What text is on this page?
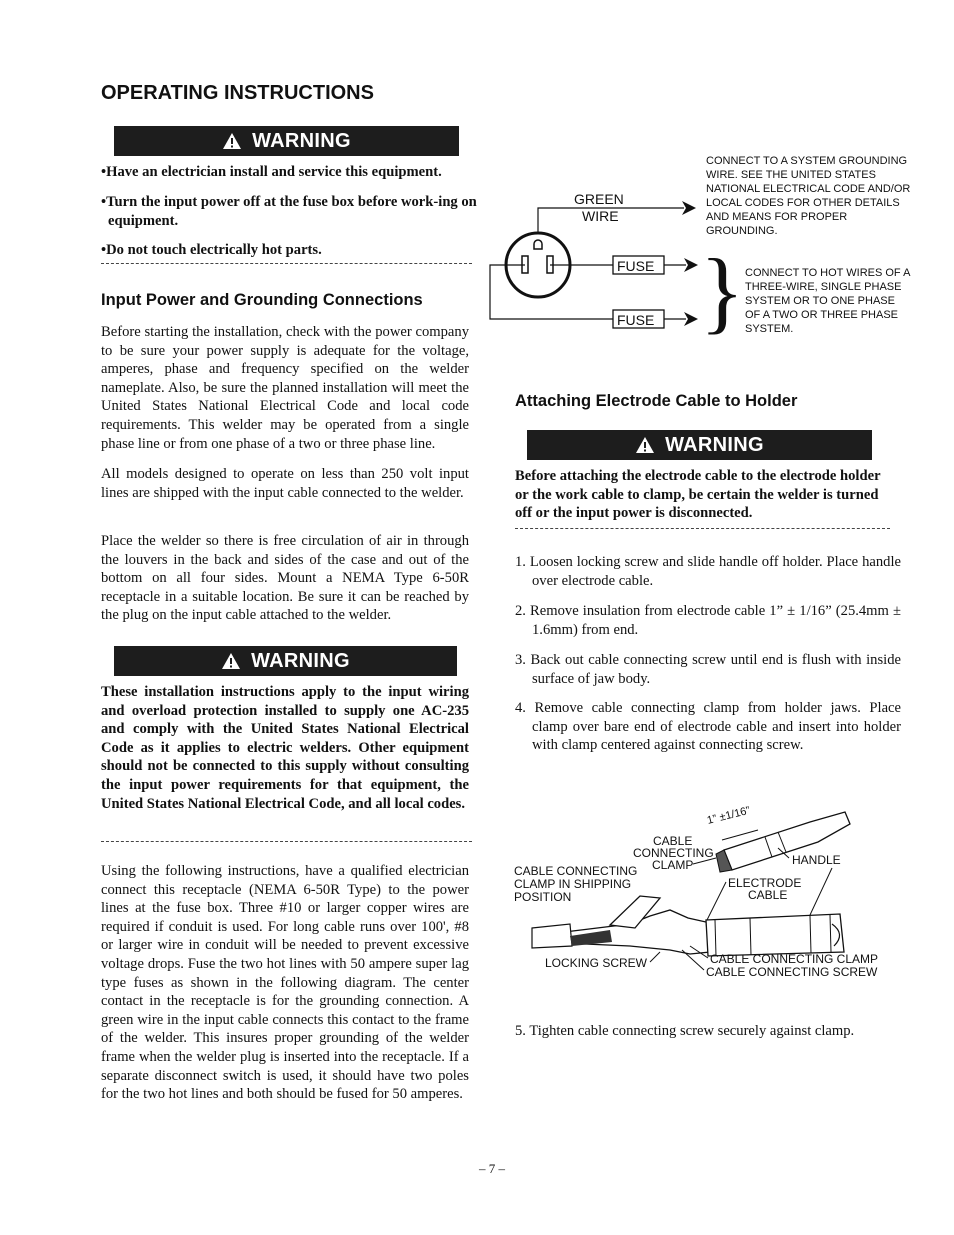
OPERATING INSTRUCTIONS
WARNING
•Have an electrician install and service this equipment.
•Turn the input power off at the fuse box before work-ing on equipment.
•Do not touch electrically hot parts.
Input Power and Grounding Connections
Before starting the installation, check with the power company to be sure your power supply is adequate for the voltage, amperes, phase and frequency specified on the welder nameplate. Also, be sure the planned installation will meet the United States National Electrical Code and local code requirements. This welder may be operated from a single phase line or from one phase of a two or three phase line.
All models designed to operate on less than 250 volt input lines are shipped with the input cable connected to the welder.
Place the welder so there is free circulation of air in through the louvers in the back and sides of the case and out of the bottom on all four sides. Mount a NEMA Type 6-50R receptacle in a suitable location. Be sure it can be reached by the plug on the input cable attached to the welder.
WARNING
These installation instructions apply to the input wiring and overload protection installed to supply one AC-235 and comply with the United States National Electrical Code as it applies to electric welders. Other equipment should not be connected to this supply without consulting the input power requirements for that equipment, the United States National Electrical Code, and all local codes.
Using the following instructions, have a qualified electrician connect this receptacle (NEMA 6-50R Type) to the power lines at the fuse box. Three #10 or larger copper wires are required if conduit is used. For long cable runs over 100', #8 or larger wire in conduit will be needed to prevent excessive voltage drops. Fuse the two hot lines with 50 ampere super lag type fuses as shown in the following diagram. The center contact in the receptacle is for the grounding connection. A green wire in the input cable connects this contact to the frame of the welder. This insures proper grounding of the welder frame when the welder plug is inserted into the receptacle. If a separate disconnect switch is used, it should have two poles for the two hot lines and both should be fused for 50 amperes.
GREEN
WIRE
FUSE
FUSE }
CONNECT TO A SYSTEM GROUNDING WIRE. SEE THE UNITED STATES NATIONAL ELECTRICAL CODE AND/OR LOCAL CODES FOR OTHER DETAILS AND MEANS FOR PROPER GROUNDING.
CONNECT TO HOT WIRES OF A THREE-WIRE, SINGLE PHASE SYSTEM OR TO ONE PHASE OF A TWO OR THREE PHASE SYSTEM.
Attaching Electrode Cable to Holder
WARNING
Before attaching the electrode cable to the electrode holder or the work cable to clamp, be certain the welder is turned off or the input power is disconnected.
1. Loosen locking screw and slide handle off holder. Place handle over electrode cable.
2. Remove insulation from electrode cable 1” ± 1/16” (25.4mm ± 1.6mm) from end.
3. Back out cable connecting screw until end is flush with inside surface of jaw body.
4. Remove cable connecting clamp from holder jaws. Place clamp over bare end of electrode cable and insert into holder with clamp centered against connecting screw.
1” ±1/16”
CABLE
CONNECTING
CLAMP	HANDLE
CABLE CONNECTING
CLAMP IN SHIPPING
POSITION
ELECTRODE
CABLE
LOCKING SCREW	CABLE CONNECTING CLAMP
CABLE CONNECTING SCREW
5. Tighten cable connecting screw securely against clamp.
– 7 –
